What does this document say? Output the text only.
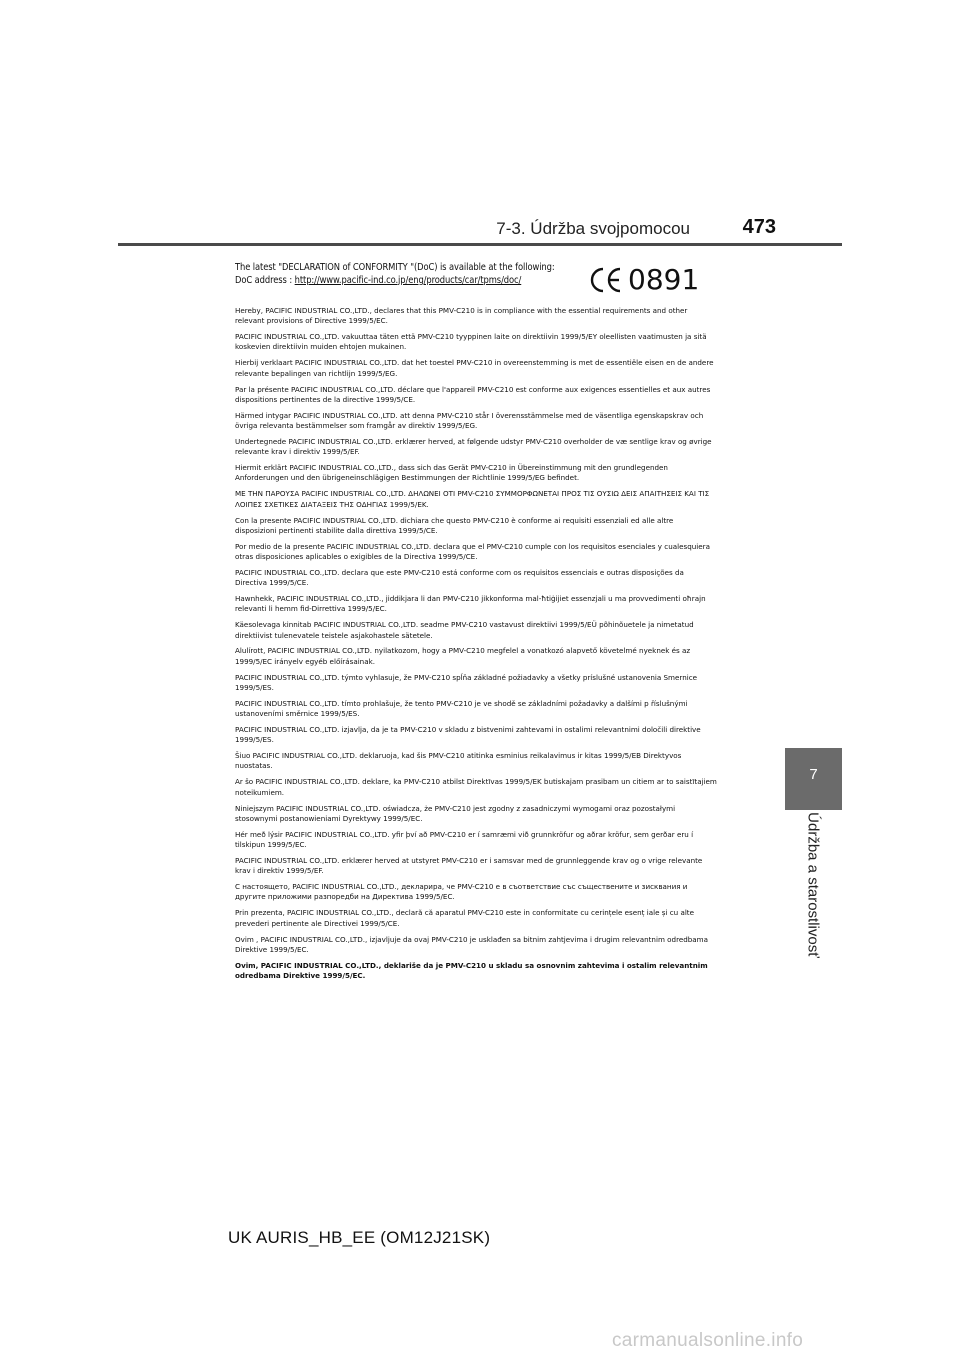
7-3. Údržba svojpomocou	473
7
Údržba a starostlivosť
The latest "DECLARATION of CONFORMITY "(DoC) is available at the following:
DoC address : http://www.pacific-ind.co.jp/eng/products/car/tpms/doc/	0891

Hereby, PACIFIC INDUSTRIAL CO.,LTD., declares that this PMV-C210 is in compliance with the essential requirements and other relevant provisions of Directive 1999/5/EC.

PACIFIC INDUSTRIAL CO.,LTD. vakuuttaa täten että PMV-C210 tyyppinen laite on direktiivin 1999/5/EY oleellisten vaatimusten ja sitä koskevien direktiivin muiden ehtojen mukainen.

Hierbij verklaart PACIFIC INDUSTRIAL CO.,LTD. dat het toestel PMV-C210 in overeenstemming is met de essentiële eisen en de andere relevante bepalingen van richtlijn 1999/5/EG.

Par la présente PACIFIC INDUSTRIAL CO.,LTD. déclare que l'appareil PMV-C210 est conforme aux exigences essentielles et aux autres dispositions pertinentes de la directive 1999/5/CE.

Härmed intygar PACIFIC INDUSTRIAL CO.,LTD. att denna PMV-C210 står I överensstämmelse med de väsentliga egenskapskrav och övriga relevanta bestämmelser som framgår av direktiv 1999/5/EG.

Undertegnede PACIFIC INDUSTRIAL CO.,LTD. erklærer herved, at følgende udstyr PMV-C210 overholder de væ sentlige krav og øvrige relevante krav i direktiv 1999/5/EF.

Hiermit erklärt PACIFIC INDUSTRIAL CO.,LTD., dass sich das Gerät PMV-C210 in Übereinstimmung mit den grundlegenden Anforderungen und den übrigeneinschlägigen Bestimmungen der Richtlinie 1999/5/EG befindet.

ΜΕ ΤΗΝ ΠΑΡΟΥΣΑ PACIFIC INDUSTRIAL CO.,LTD. ΔΗΛΩΝΕΙ ΟΤΙ PMV-C210 ΣΥΜΜΟΡΦΩΝΕΤΑΙ ΠΡΟΣ ΤΙΣ ΟΥΣΙΩ ΔΕΙΣ ΑΠΑΙΤΗΣΕΙΣ ΚΑΙ ΤΙΣ ΛΟΙΠΕΣ ΣΧΕΤΙΚΕΣ ΔΙΑΤΑΞΕΙΣ ΤΗΣ ΟΔΗΓΙΑΣ 1999/5/ΕΚ.

Con la presente PACIFIC INDUSTRIAL CO.,LTD. dichiara che questo PMV-C210 è conforme ai requisiti essenziali ed alle altre disposizioni pertinenti stabilite dalla direttiva 1999/5/CE.

Por medio de la presente PACIFIC INDUSTRIAL CO.,LTD. declara que el PMV-C210 cumple con los requisitos esenciales y cualesquiera otras disposiciones aplicables o exigibles de la Directiva 1999/5/CE.

PACIFIC INDUSTRIAL CO.,LTD. declara que este PMV-C210 está conforme com os requisitos essenciais e outras disposições da Directiva 1999/5/CE.

Hawnhekk, PACIFIC INDUSTRIAL CO.,LTD., jiddikjara li dan PMV-C210 jikkonforma mal-ħtiġijiet essenzjali u ma provvedimenti oħrajn relevanti li hemm fid-Dirrettiva 1999/5/EC.

Käesolevaga kinnitab PACIFIC INDUSTRIAL CO.,LTD. seadme PMV-C210 vastavust direktiivi 1999/5/EÜ põhinõuetele ja nimetatud direktiivist tulenevatele teistele asjakohastele sätetele.

Alulírott, PACIFIC INDUSTRIAL CO.,LTD. nyilatkozom, hogy a PMV-C210 megfelel a vonatkozó alapvető követelmé nyeknek és az 1999/5/EC irányelv egyéb előírásainak.

PACIFIC INDUSTRIAL CO.,LTD. týmto vyhlasuje, že PMV-C210 spĺňa základné požiadavky a všetky príslušné ustanovenia Smernice 1999/5/ES.

PACIFIC INDUSTRIAL CO.,LTD. tímto prohlašuje, že tento PMV-C210 je ve shodě se základními požadavky a dalšími p říslušnými ustanoveními směrnice 1999/5/ES.

PACIFIC INDUSTRIAL CO.,LTD. izjavlja, da je ta PMV-C210 v skladu z bistvenimi zahtevami in ostalimi relevantnimi določili direktive 1999/5/ES.

Šiuo PACIFIC INDUSTRIAL CO.,LTD. deklaruoja, kad šis PMV-C210 atitinka esminius reikalavimus ir kitas 1999/5/EB Direktyvos nuostatas.

Ar šo PACIFIC INDUSTRIAL CO.,LTD. deklare, ka PMV-C210 atbilst Direktīvas 1999/5/EK butiskajam prasibam un citiem ar to saistītajiem noteikumiem.

Niniejszym PACIFIC INDUSTRIAL CO.,LTD. oświadcza, że PMV-C210 jest zgodny z zasadniczymi wymogami oraz pozostałymi stosownymi postanowieniami Dyrektywy 1999/5/EC.

Hér með lýsir PACIFIC INDUSTRIAL CO.,LTD. yfir því að PMV-C210 er í samræmi við grunnkröfur og aðrar kröfur, sem gerðar eru í tilskipun 1999/5/EC.

PACIFIC INDUSTRIAL CO.,LTD. erklærer herved at utstyret PMV-C210 er i samsvar med de grunnleggende krav og o vrige relevante krav i direktiv 1999/5/EF.

С настоящето, PACIFIC INDUSTRIAL CO.,LTD., декларира, че PMV-C210 е в съответствие със съществените и зисквания и другите приложими разпоредби на Директива 1999/5/EC.

Prin prezenta, PACIFIC INDUSTRIAL CO.,LTD., declară că aparatul PMV-C210 este in conformitate cu cerințele esenț iale și cu alte prevederi pertinente ale Directivei 1999/5/CE.

Ovim , PACIFIC INDUSTRIAL CO.,LTD., izjavljuje da ovaj PMV-C210 je usklađen sa bitnim zahtjevima i drugim relevantnim odredbama Direktive 1999/5/EC.

Ovim, PACIFIC INDUSTRIAL CO.,LTD., deklariše da je PMV-C210 u skladu sa osnovnim zahtevima i ostalim relevantnim odredbama Direktive 1999/5/EC.

UK AURIS_HB_EE (OM12J21SK)
carmanualsonline.info
